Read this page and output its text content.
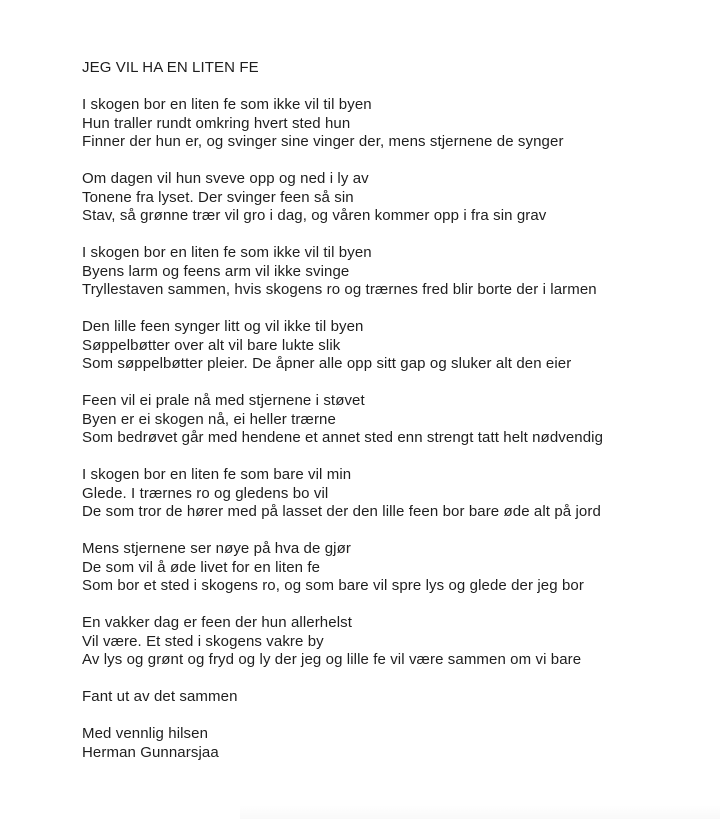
JEG VIL HA EN LITEN FE
I skogen bor en liten fe som ikke vil til byen
Hun traller rundt omkring hvert sted hun
Finner der hun er, og svinger sine vinger der, mens stjernene de synger
Om dagen vil hun sveve opp og ned i ly av
Tonene fra lyset. Der svinger feen så sin
Stav, så grønne trær vil gro i dag, og våren kommer opp i fra sin grav
I skogen bor en liten fe som ikke vil til byen
Byens larm og feens arm vil ikke svinge
Tryllestaven sammen, hvis skogens ro og trærnes fred blir borte der i larmen
Den lille feen synger litt og vil ikke til byen
Søppelbøtter over alt vil bare lukte slik
Som søppelbøtter pleier. De åpner alle opp sitt gap og sluker alt den eier
Feen vil ei prale nå med stjernene i støvet
Byen er ei skogen nå, ei heller trærne
Som bedrøvet går med hendene et annet sted enn strengt tatt helt nødvendig
I skogen bor en liten fe som bare vil min
Glede. I trærnes ro og gledens bo vil
De som tror de hører med på lasset der den lille feen bor bare øde alt på jord
Mens stjernene ser nøye på hva de gjør
De som vil å øde livet for en liten fe
Som bor et sted i skogens ro, og som bare vil spre lys og glede der jeg bor
En vakker dag er feen der hun allerhelst
Vil være. Et sted i skogens vakre by
Av lys og grønt og fryd og ly der jeg og lille fe vil være sammen om vi bare
Fant ut av det sammen
Med vennlig hilsen
Herman Gunnarsjaa
